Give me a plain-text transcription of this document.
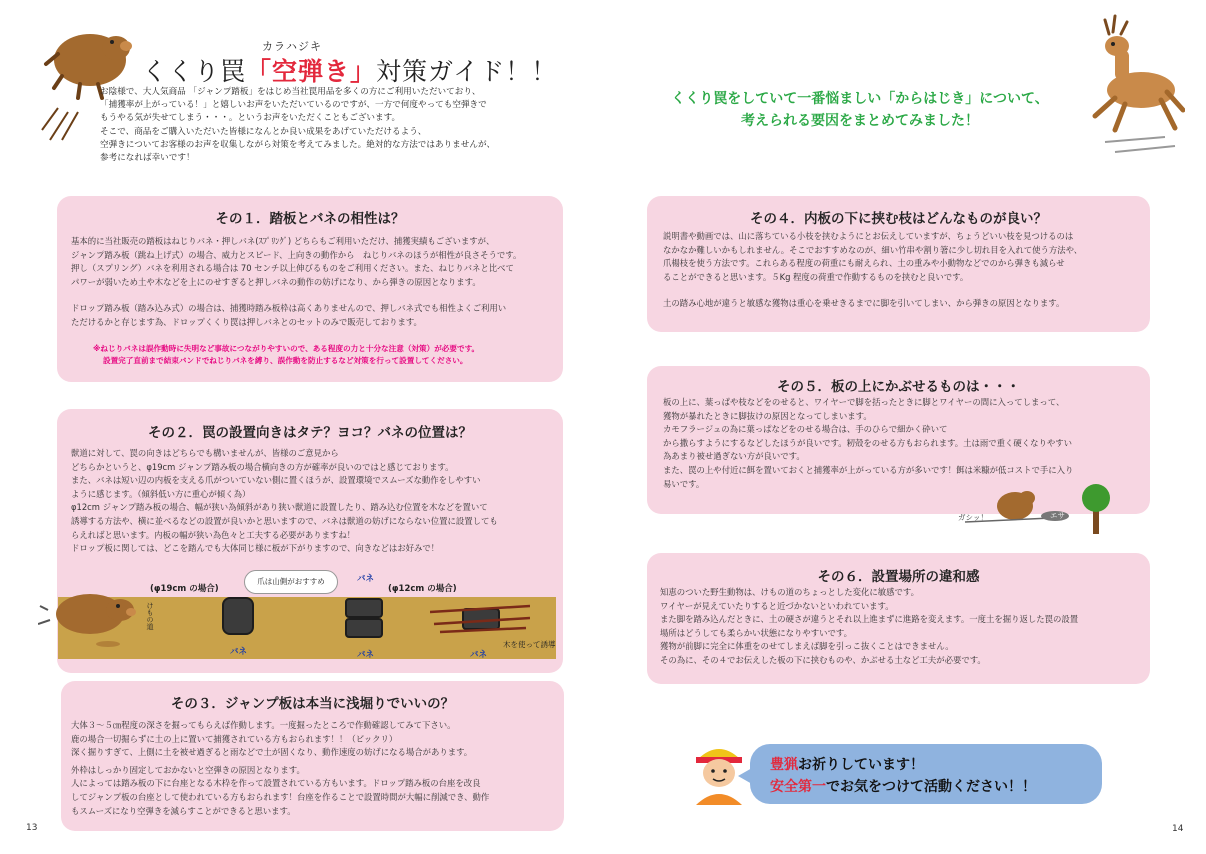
カラハジキ
くくり罠「空弾き」対策ガイド！！

お陰様で、大人気商品 「ジャンプ踏板」をはじめ当社罠用品を多くの方にご利用いただいており、

「捕獲率が上がっている！」と嬉しいお声をいただいているのですが、一方で何度やっても空弾きで

もうやる気が失せてしまう・・・。というお声をいただくこともございます。

そこで、商品をご購入いただいた皆様になんとか良い成果をあげていただけるよう、

空弾きについてお客様のお声を収集しながら対策を考えてみました。絶対的な方法ではありませんが、

参考になれば幸いです！

くくり罠をしていて一番悩ましい「からはじき」について、
考えられる要因をまとめてみました！
その１．踏板とバネの相性は？

基本的に当社販売の踏板はねじりバネ・押しバネ(ｽﾌﾟﾘﾝｸﾞ) どちらもご利用いただけ、捕獲実績もございますが、

ジャンプ踏み板（跳ね上げ式）の場合、威力とスピード、上向きの動作から　ねじりバネのほうが相性が良さそうです。

押し（スプリング）バネを利用される場合は 70 センチ以上伸びるものをご利用ください。また、ねじりバネと比べて

パワーが弱いため土や木などを上にのせすぎると押しバネの動作の妨げになり、から弾きの原因となります。

ドロップ踏み板（踏み込み式）の場合は、捕獲時踏み板枠は高くありませんので、押しバネ式でも相性よくご利用い

ただけるかと存じます為、ドロップくくり罠は押しバネとのセットのみで販売しております。

※ねじりバネは誤作動時に失明など事故につながりやすいので、ある程度の力と十分な注意（対策）が必要です。
設置完了直前まで結束バンドでねじりバネを縛り、誤作動を防止するなど対策を行って設置してください。
その２．罠の設置向きはタテ？ヨコ？バネの位置は？

獣道に対して、罠の向きはどちらでも構いませんが、皆様のご意見から

どちらかというと、φ19cm ジャンプ踏み板の場合横向きの方が確率が良いのではと感じております。

また、バネは短い辺の内板を支える爪がついていない側に置くほうが、設置環境でスムーズな動作をしやすい

ように感じます。（傾斜低い方に重心が傾く為）

φ12cm ジャンプ踏み板の場合、幅が狭い為傾斜があり狭い獣道に設置したり、踏み込む位置を木などを置いて

誘導する方法や、横に並べるなどの設置が良いかと思いますので、バネは獣道の妨げにならない位置に設置しても

らえればと思います。内板の幅が狭い為色々と工夫する必要がありますね！

ドロップ板に関しては、どこを踏んでも大体同じ様に板が下がりますので、向きなどはお好みで！

けもの道
(φ19cm の場合)
爪は山側がおすすめ
(φ12cm の場合)
バネ
バネ	バネ	バネ
木を使って誘導
その３．ジャンプ板は本当に浅堀りでいいの？

大体３～５㎝程度の深さを掘ってもらえば作動します。一度掘ったところで作動確認してみて下さい。

鹿の場合一切掘らずに土の上に置いて捕獲されている方もおられます！！（ビックリ）

深く掘りすぎて、上側に土を被せ過ぎると雨などで土が固くなり、動作速度の妨げになる場合があります。

外枠はしっかり固定しておかないと空弾きの原因となります。

人によっては踏み板の下に台座となる木枠を作って設置されている方もいます。ドロップ踏み板の台座を改良

してジャンプ板の台座として使われている方もおられます！台座を作ることで設置時間が大幅に削減でき、動作

もスムーズになり空弾きを減らすことができると思います。

13
その４．内板の下に挟む枝はどんなものが良い？

説明書や動画では、山に落ちている小枝を挟むようにとお伝えしていますが、ちょうどいい枝を見つけるのは

なかなか難しいかもしれません。そこでおすすめなのが、細い竹串や割り箸に少し切れ目を入れて使う方法や、

爪楊枝を使う方法です。これらある程度の荷重にも耐えられ、土の重みや小動物などでのから弾きも減らせ

ることができると思います。５Kg 程度の荷重で作動するものを挟むと良いです。

土の踏み心地が違うと敏感な獲物は重心を乗せきるまでに脚を引いてしまい、から弾きの原因となります。

その５．板の上にかぶせるものは・・・

板の上に、葉っぱや枝などをのせると、ワイヤーで脚を括ったときに脚とワイヤーの間に入ってしまって、

獲物が暴れたときに脚抜けの原因となってしまいます。

カモフラージュの為に葉っぱなどをのせる場合は、手のひらで細かく砕いて

から撒らすようにするなどしたほうが良いです。籾殻をのせる方もおられます。土は雨で重く硬くなりやすい

為あまり被せ過ぎない方が良いです。

また、罠の上や付近に餌を置いておくと捕獲率が上がっている方が多いです！餌は米糠が低コストで手に入り

易いです。

ガシッ！	エサ
その６．設置場所の違和感

知恵のついた野生動物は、けもの道のちょっとした変化に敏感です。

ワイヤーが見えていたりすると近づかないといわれています。

また脚を踏み込んだときに、土の硬さが違うとそれ以上進まずに進路を変えます。一度土を掘り返した罠の設置

場所はどうしても柔らかい状態になりやすいです。

獲物が前脚に完全に体重をのせてしまえば脚を引っこ抜くことはできません。

その為に、その４でお伝えした板の下に挟むものや、かぶせる土など工夫が必要です。

豊猟お祈りしています！
安全第一でお気をつけて活動ください！！
14
